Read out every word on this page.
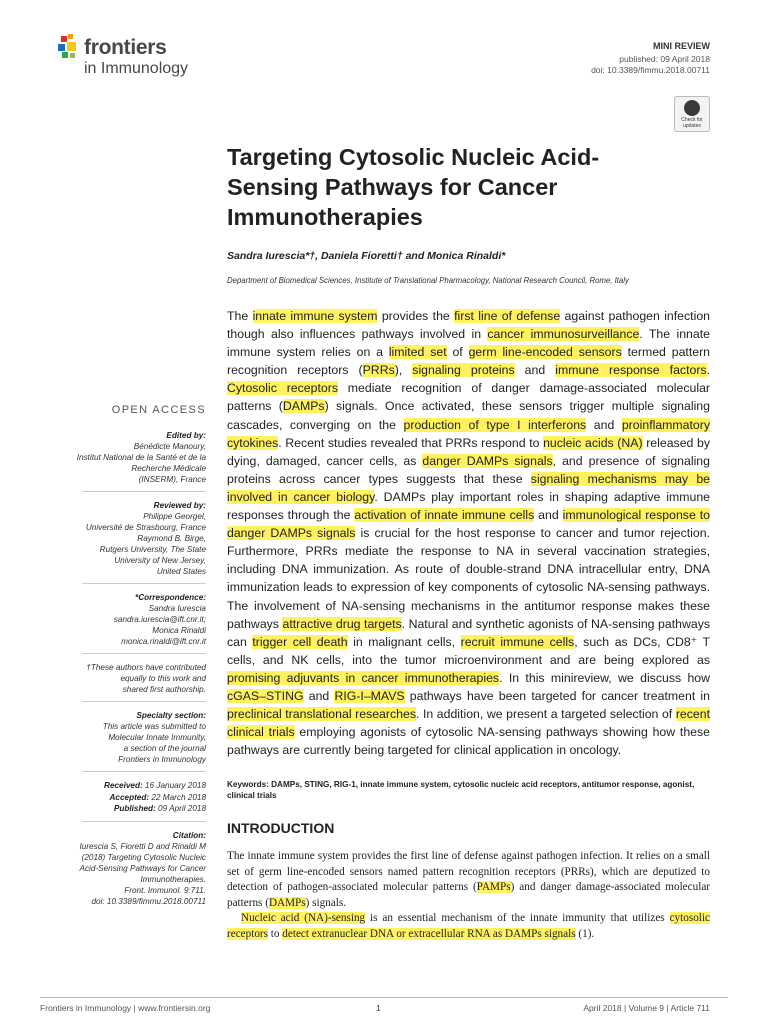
frontiers
in Immunology
MINI REVIEW
published: 09 April 2018
doi: 10.3389/fimmu.2018.00711
Check for
updates
Targeting Cytosolic Nucleic Acid-Sensing Pathways for Cancer Immunotherapies
Sandra Iurescia*†, Daniela Fioretti† and Monica Rinaldi*
Department of Biomedical Sciences, Institute of Translational Pharmacology, National Research Council, Rome, Italy

The innate immune system provides the first line of defense against pathogen infection though also influences pathways involved in cancer immunosurveillance. The innate immune system relies on a limited set of germ line-encoded sensors termed pattern recognition receptors (PRRs), signaling proteins and immune response factors. Cytosolic receptors mediate recognition of danger damage-associated molecular patterns (DAMPs) signals. Once activated, these sensors trigger multiple signaling cascades, converging on the production of type I interferons and proinflammatory cytokines. Recent studies revealed that PRRs respond to nucleic acids (NA) released by dying, damaged, cancer cells, as danger DAMPs signals, and presence of signaling proteins across cancer types suggests that these signaling mechanisms may be involved in cancer biology. DAMPs play important roles in shaping adaptive immune responses through the activation of innate immune cells and immunological response to danger DAMPs signals is crucial for the host response to cancer and tumor rejection. Furthermore, PRRs mediate the response to NA in several vaccination strategies, including DNA immunization. As route of double-strand DNA intracellular entry, DNA immunization leads to expression of key components of cytosolic NA-sensing pathways. The involvement of NA-sensing mechanisms in the antitumor response makes these pathways attractive drug targets. Natural and synthetic agonists of NA-sensing pathways can trigger cell death in malignant cells, recruit immune cells, such as DCs, CD8⁺ T cells, and NK cells, into the tumor microenvironment and are being explored as promising adjuvants in cancer immunotherapies. In this minireview, we discuss how cGAS–STING and RIG-I–MAVS pathways have been targeted for cancer treatment in preclinical translational researches. In addition, we present a targeted selection of recent clinical trials employing agonists of cytosolic NA-sensing pathways showing how these pathways are currently being targeted for clinical application in oncology.

Keywords: DAMPs, STING, RIG-1, innate immune system, cytosolic nucleic acid receptors, antitumor response, agonist, clinical trials
INTRODUCTION

The innate immune system provides the first line of defense against pathogen infection. It relies on a small set of germ line-encoded sensors named pattern recognition receptors (PRRs), which are deputized to detection of pathogen-associated molecular patterns (PAMPs) and danger damage-associated molecular patterns (DAMPs) signals.

Nucleic acid (NA)-sensing is an essential mechanism of the innate immunity that utilizes cytosolic receptors to detect extranuclear DNA or extracellular RNA as DAMPs signals (1).

OPEN ACCESS
Edited by:
Bénédicte Manoury,
Institut National de la Santé et de la
Recherche Médicale
(INSERM), France
Reviewed by:
Philippe Georgel,
Université de Strasbourg, France
Raymond B. Birge,
Rutgers University, The State
University of New Jersey,
United States
*Correspondence:
Sandra Iurescia
sandra.iurescia@ift.cnr.it;
Monica Rinaldi
monica.rinaldi@ift.cnr.it
†These authors have contributed
equally to this work and
shared first authorship.
Specialty section:
This article was submitted to
Molecular Innate Immunity,
a section of the journal
Frontiers in Immunology
Received: 16 January 2018
Accepted: 22 March 2018
Published: 09 April 2018
Citation:
Iurescia S, Fioretti D and Rinaldi M
(2018) Targeting Cytosolic Nucleic
Acid-Sensing Pathways for Cancer
Immunotherapies.
Front. Immunol. 9:711.
doi: 10.3389/fimmu.2018.00711
Frontiers in Immunology | www.frontiersin.org	1	April 2018 | Volume 9 | Article 711
